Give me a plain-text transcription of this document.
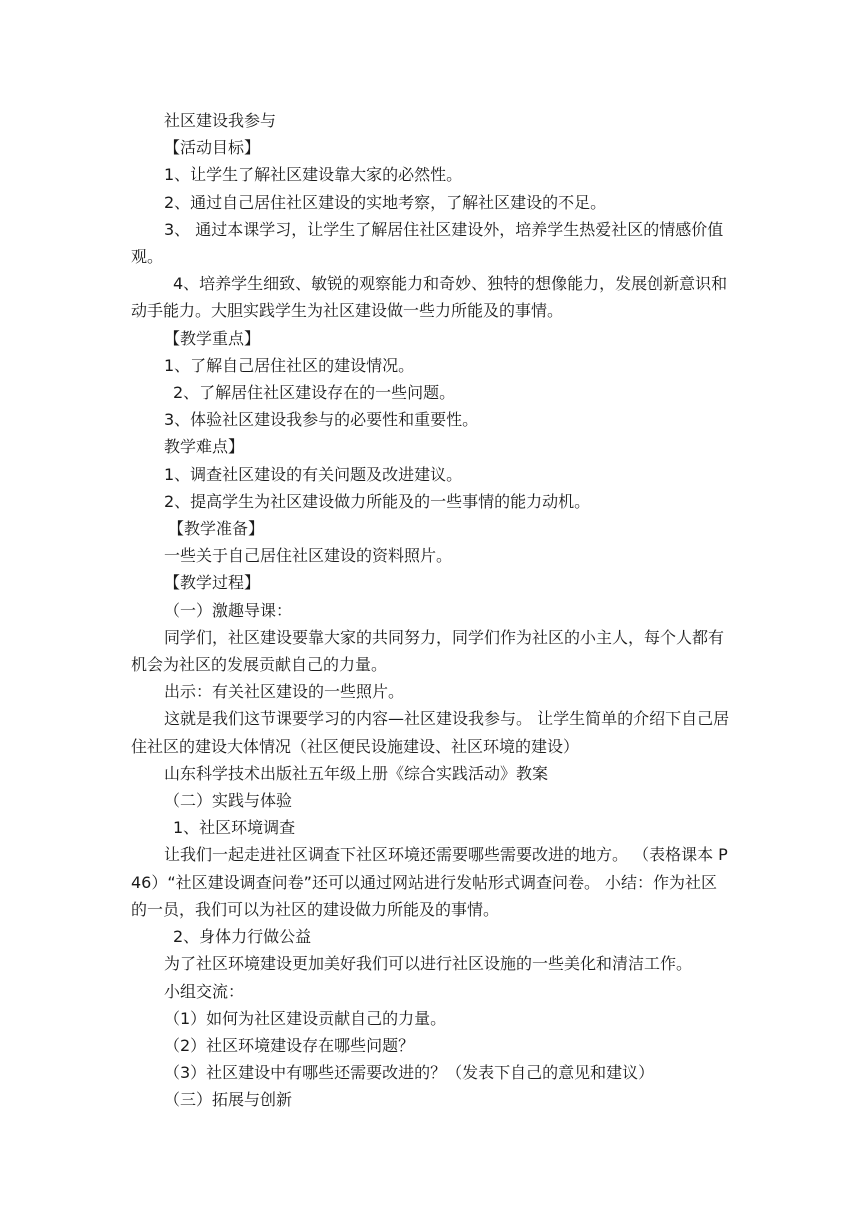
社区建设我参与

【活动目标】

1、让学生了解社区建设靠大家的必然性。

2、通过自己居住社区建设的实地考察，了解社区建设的不足。

3、 通过本课学习，让学生了解居住社区建设外，培养学生热爱社区的情感价值观。

4、培养学生细致、敏锐的观察能力和奇妙、独特的想像能力，发展创新意识和动手能力。大胆实践学生为社区建设做一些力所能及的事情。

【教学重点】

1、了解自己居住社区的建设情况。

2、了解居住社区建设存在的一些问题。

3、体验社区建设我参与的必要性和重要性。

教学难点】

1、调查社区建设的有关问题及改进建议。

2、提高学生为社区建设做力所能及的一些事情的能力动机。

【教学准备】

一些关于自己居住社区建设的资料照片。

【教学过程】

（一）激趣导课：

同学们，社区建设要靠大家的共同努力，同学们作为社区的小主人，每个人都有机会为社区的发展贡献自己的力量。

出示：有关社区建设的一些照片。

这就是我们这节课要学习的内容—社区建设我参与。 让学生简单的介绍下自己居住社区的建设大体情况（社区便民设施建设、社区环境的建设）

山东科学技术出版社五年级上册《综合实践活动》教案

（二）实践与体验

1、社区环境调查

让我们一起走进社区调查下社区环境还需要哪些需要改进的地方。 （表格课本 P46）“社区建设调查问卷”还可以通过网站进行发帖形式调查问卷。 小结：作为社区的一员，我们可以为社区的建设做力所能及的事情。

2、身体力行做公益

为了社区环境建设更加美好我们可以进行社区设施的一些美化和清洁工作。

小组交流：

（1）如何为社区建设贡献自己的力量。

（2）社区环境建设存在哪些问题？

（3）社区建设中有哪些还需要改进的？（发表下自己的意见和建议）

（三）拓展与创新
